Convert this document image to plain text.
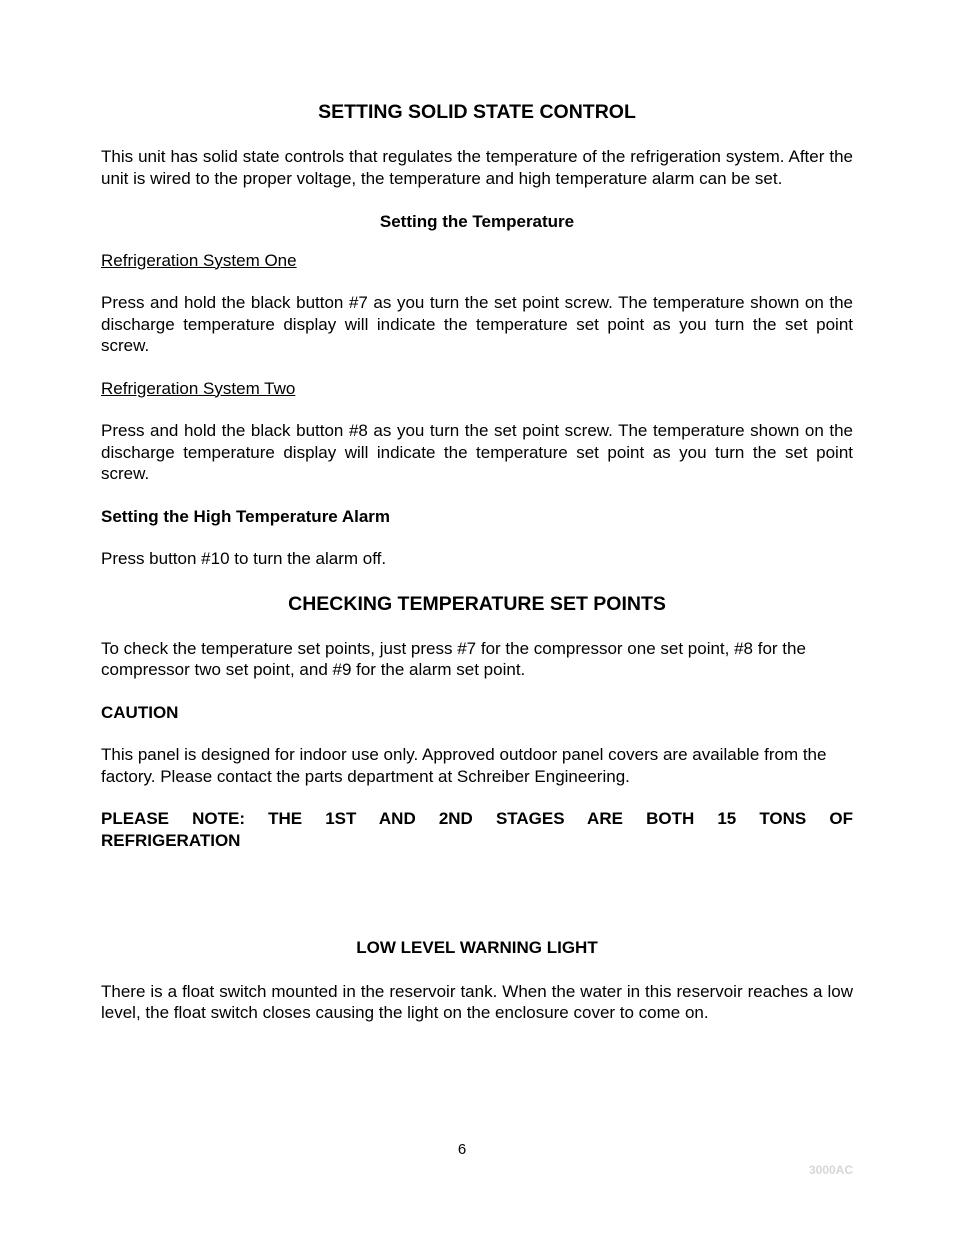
SETTING SOLID STATE CONTROL

This unit has solid state controls that regulates the temperature of the refrigeration system. After the unit is wired to the proper voltage, the temperature and high temperature alarm can be set.

Setting the Temperature

Refrigeration System One

Press and hold the black button #7 as you turn the set point screw. The temperature shown on the discharge temperature display will indicate the temperature set point as you turn the set point screw.

Refrigeration System Two

Press and hold the black button #8 as you turn the set point screw. The temperature shown on the discharge temperature display will indicate the temperature set point as you turn the set point screw.

Setting the High Temperature Alarm

Press button #10 to turn the alarm off.

CHECKING TEMPERATURE SET POINTS

To check the temperature set points, just press #7 for the compressor one set point, #8 for the compressor two set point, and #9 for the alarm set point.

CAUTION

This panel is designed for indoor use only. Approved outdoor panel covers are available from the factory. Please contact the parts department at Schreiber Engineering.

PLEASE NOTE: THE 1ST AND 2ND STAGES ARE BOTH 15 TONS OF REFRIGERATION

LOW LEVEL WARNING LIGHT

There is a float switch mounted in the reservoir tank. When the water in this reservoir reaches a low level, the float switch closes causing the light on the enclosure cover to come on.

6
3000AC
